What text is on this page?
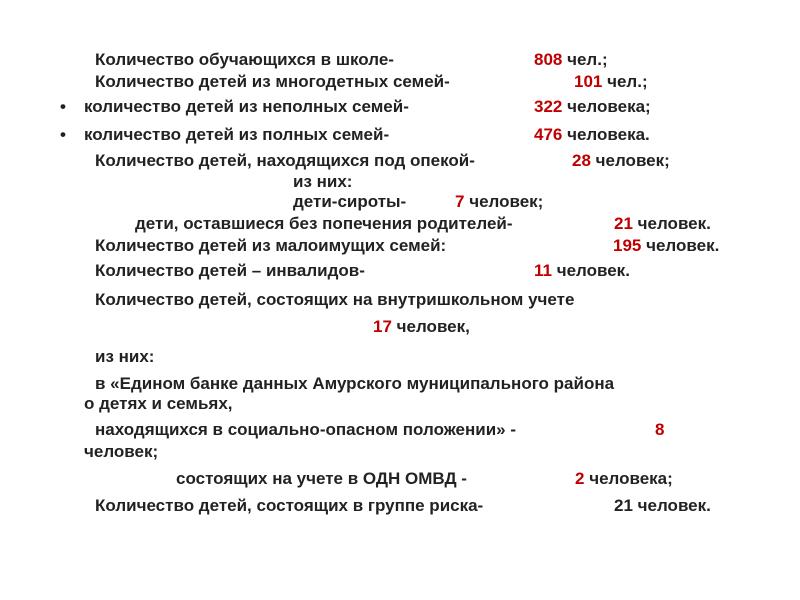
Количество обучающихся в школе-	808 чел.;
Количество детей из многодетных семей-	101 чел.;
• количество детей из неполных семей-	322 человека;
• количество детей из полных семей-	476 человека.
Количество детей, находящихся под опекой-	28 человек;
из них:
дети-сироты-	7 человек;
дети, оставшиеся без попечения родителей-	21 человек.
Количество детей из малоимущих семей:	195 человек.
Количество детей – инвалидов-	11 человек.
Количество детей, состоящих на внутришкольном учете
17 человек,
из них:
в «Едином банке данных Амурского муниципального района
о детях и семьях,
находящихся в социально-опасном положении» -	8
человек;
состоящих на учете в ОДН ОМВД -	2 человека;
Количество детей, состоящих в группе риска-	21 человек.
